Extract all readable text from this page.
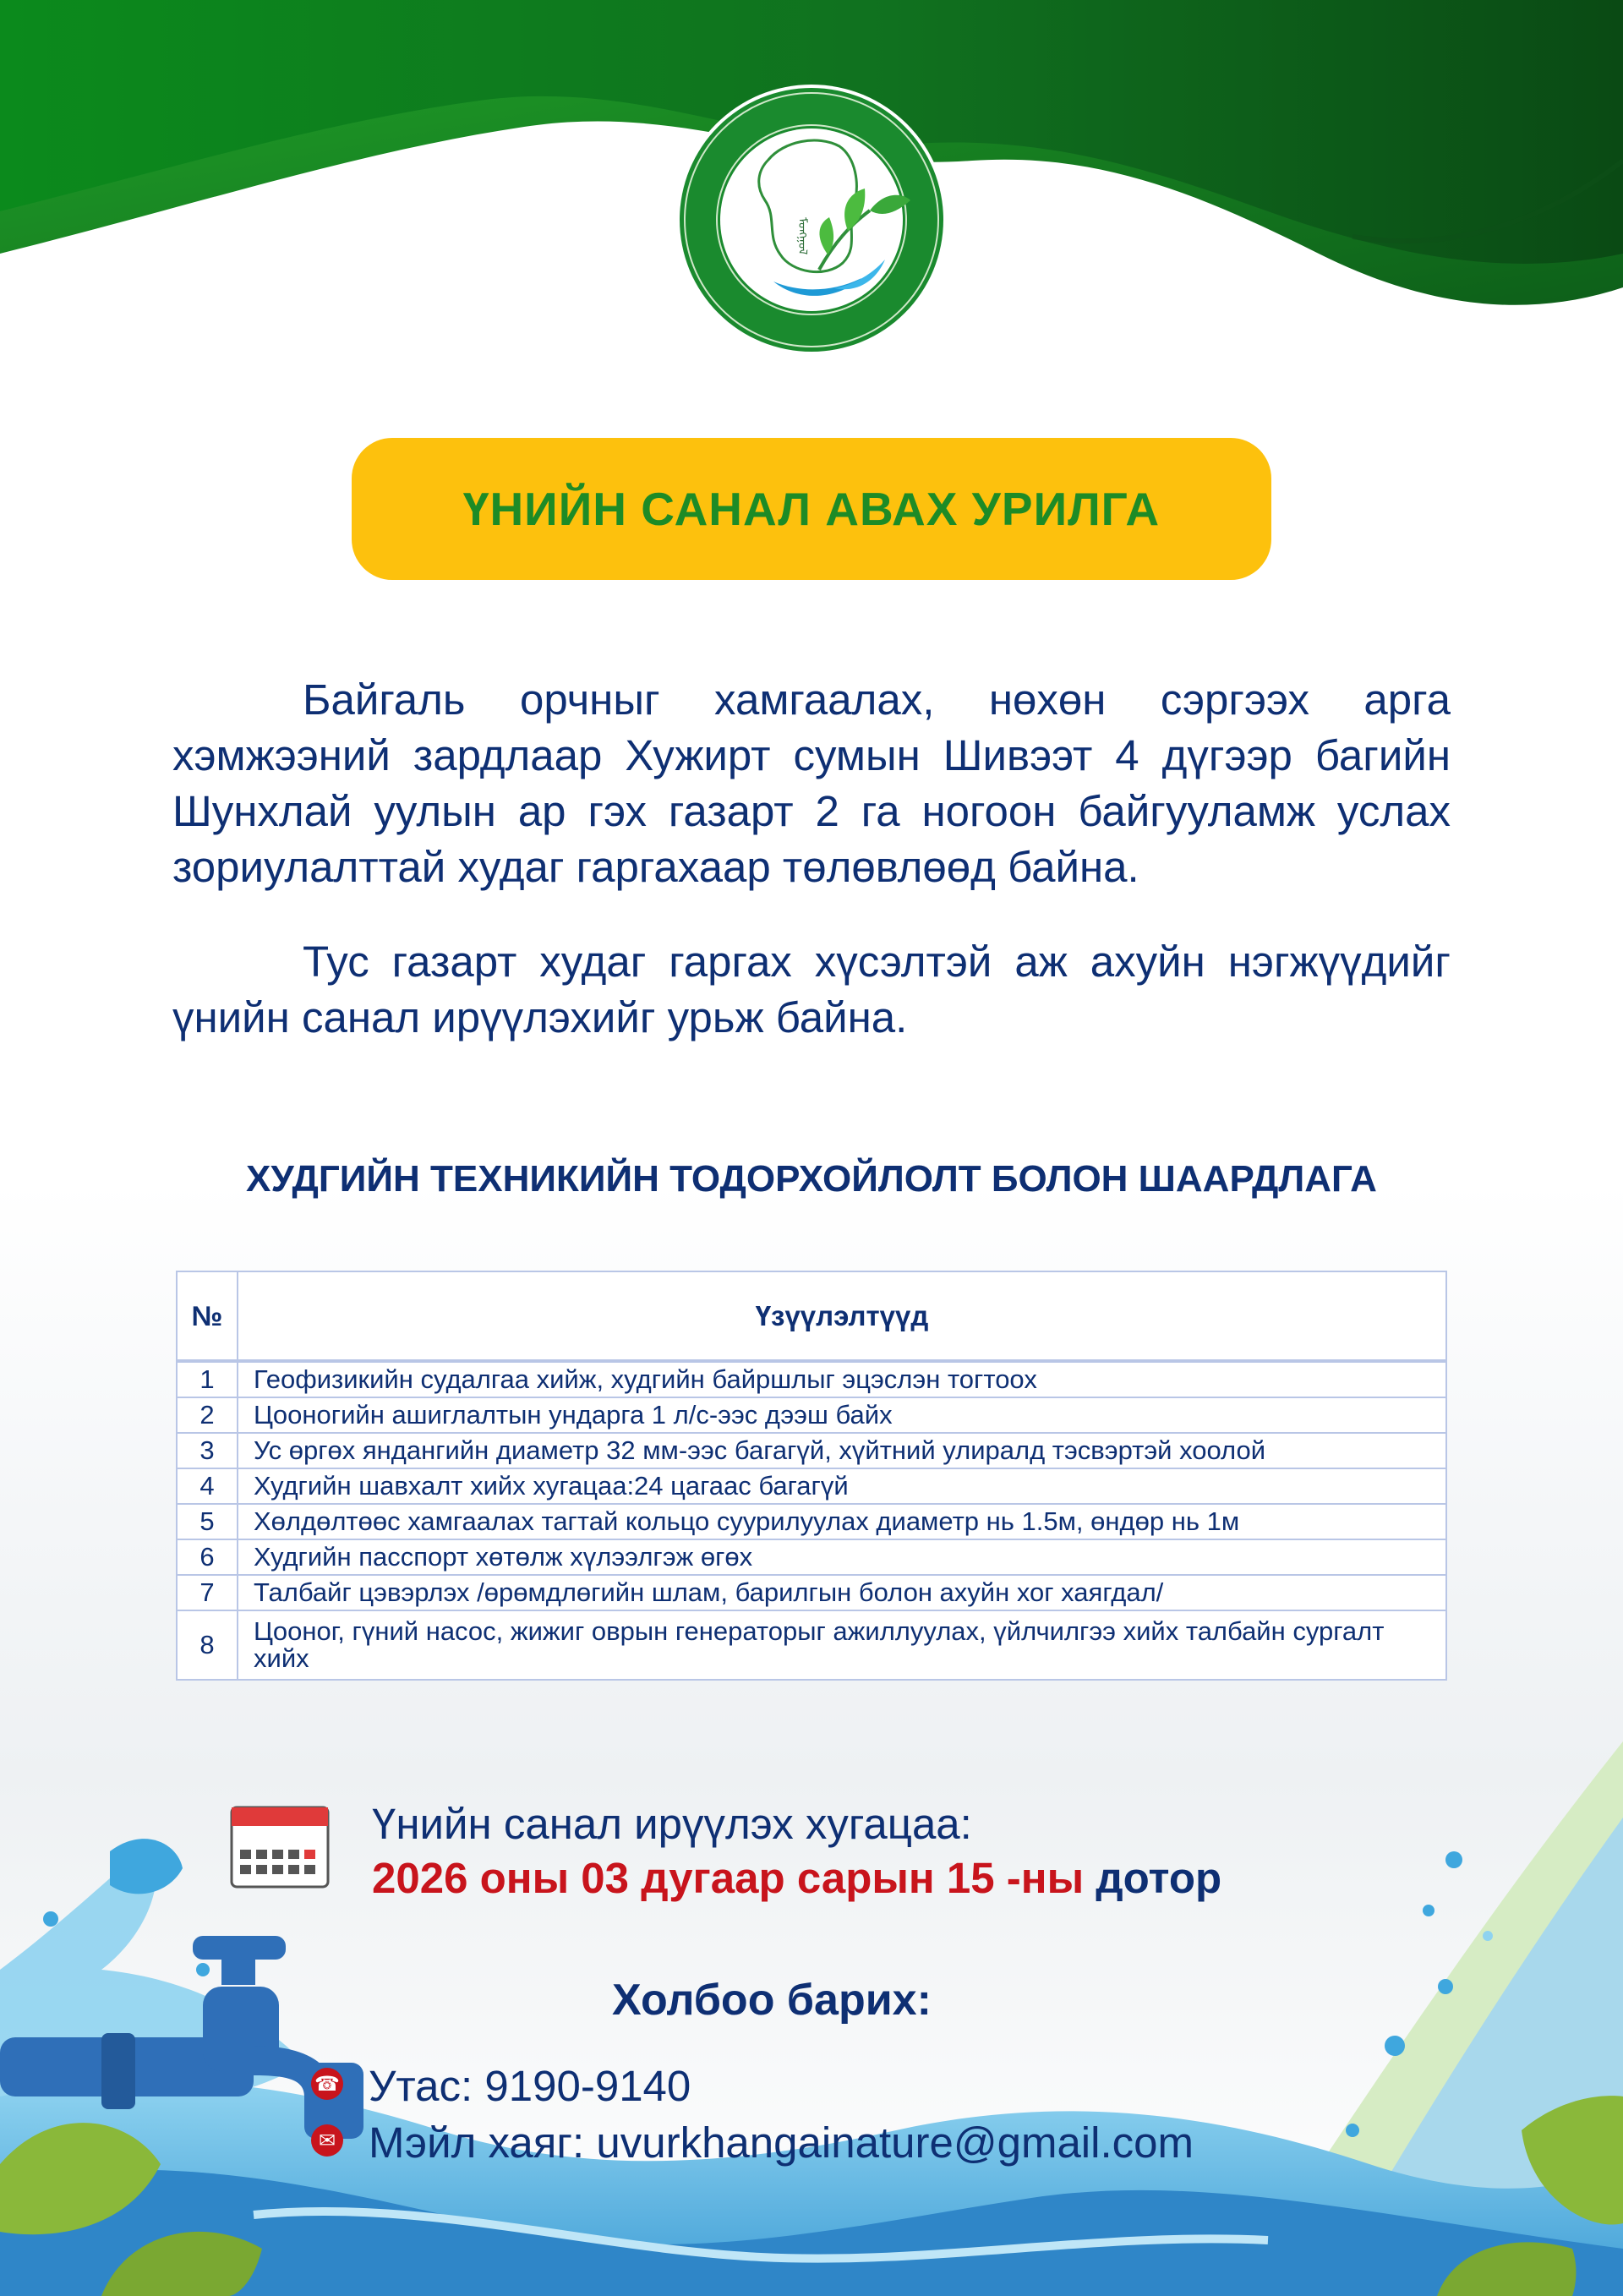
ᠮᠣᠩᠭᠣᠯ
ҮНИЙН САНАЛ АВАХ УРИЛГА

Байгаль орчныг хамгаалах, нөхөн сэргээх арга хэмжээний зардлаар Хужирт сумын Шивээт 4 дүгээр багийн Шунхлай уулын ар гэх газарт 2 га ногоон байгууламж услах зориулалттай худаг гаргахаар төлөвлөөд байна.

Тус газарт худаг гаргах хүсэлтэй аж ахуйн нэгжүүдийг үнийн санал ирүүлэхийг урьж байна.

ХУДГИЙН ТЕХНИКИЙН ТОДОРХОЙЛОЛТ БОЛОН ШААРДЛАГА
№	Үзүүлэлтүүд
1	Геофизикийн судалгаа хийж, худгийн байршлыг эцэслэн тогтоох
2	Цооногийн ашиглалтын ундарга 1 л/с-ээс дээш байх
3	Ус өргөх яндангийн диаметр 32 мм-ээс багагүй, хүйтний улиралд тэсвэртэй хоолой
4	Худгийн шавхалт хийх хугацаа:24 цагаас багагүй
5	Хөлдөлтөөс хамгаалах тагтай кольцо суурилуулах диаметр нь 1.5м, өндөр нь 1м
6	Худгийн пасспорт хөтөлж хүлээлгэж өгөх
7	Талбайг цэвэрлэх /өрөмдлөгийн шлам, барилгын болон ахуйн хог хаягдал/
8	Цооног, гүний насос, жижиг оврын генераторыг ажиллуулах, үйлчилгээ хийх талбайн сургалт хийх
Үнийн санал ирүүлэх хугацаа:
2026 оны 03 дугаар сарын 15 -ны дотор
Холбоо барих:
☎ Утас: 9190-9140
✉ Мэйл хаяг: uvurkhangainature@gmail.com
